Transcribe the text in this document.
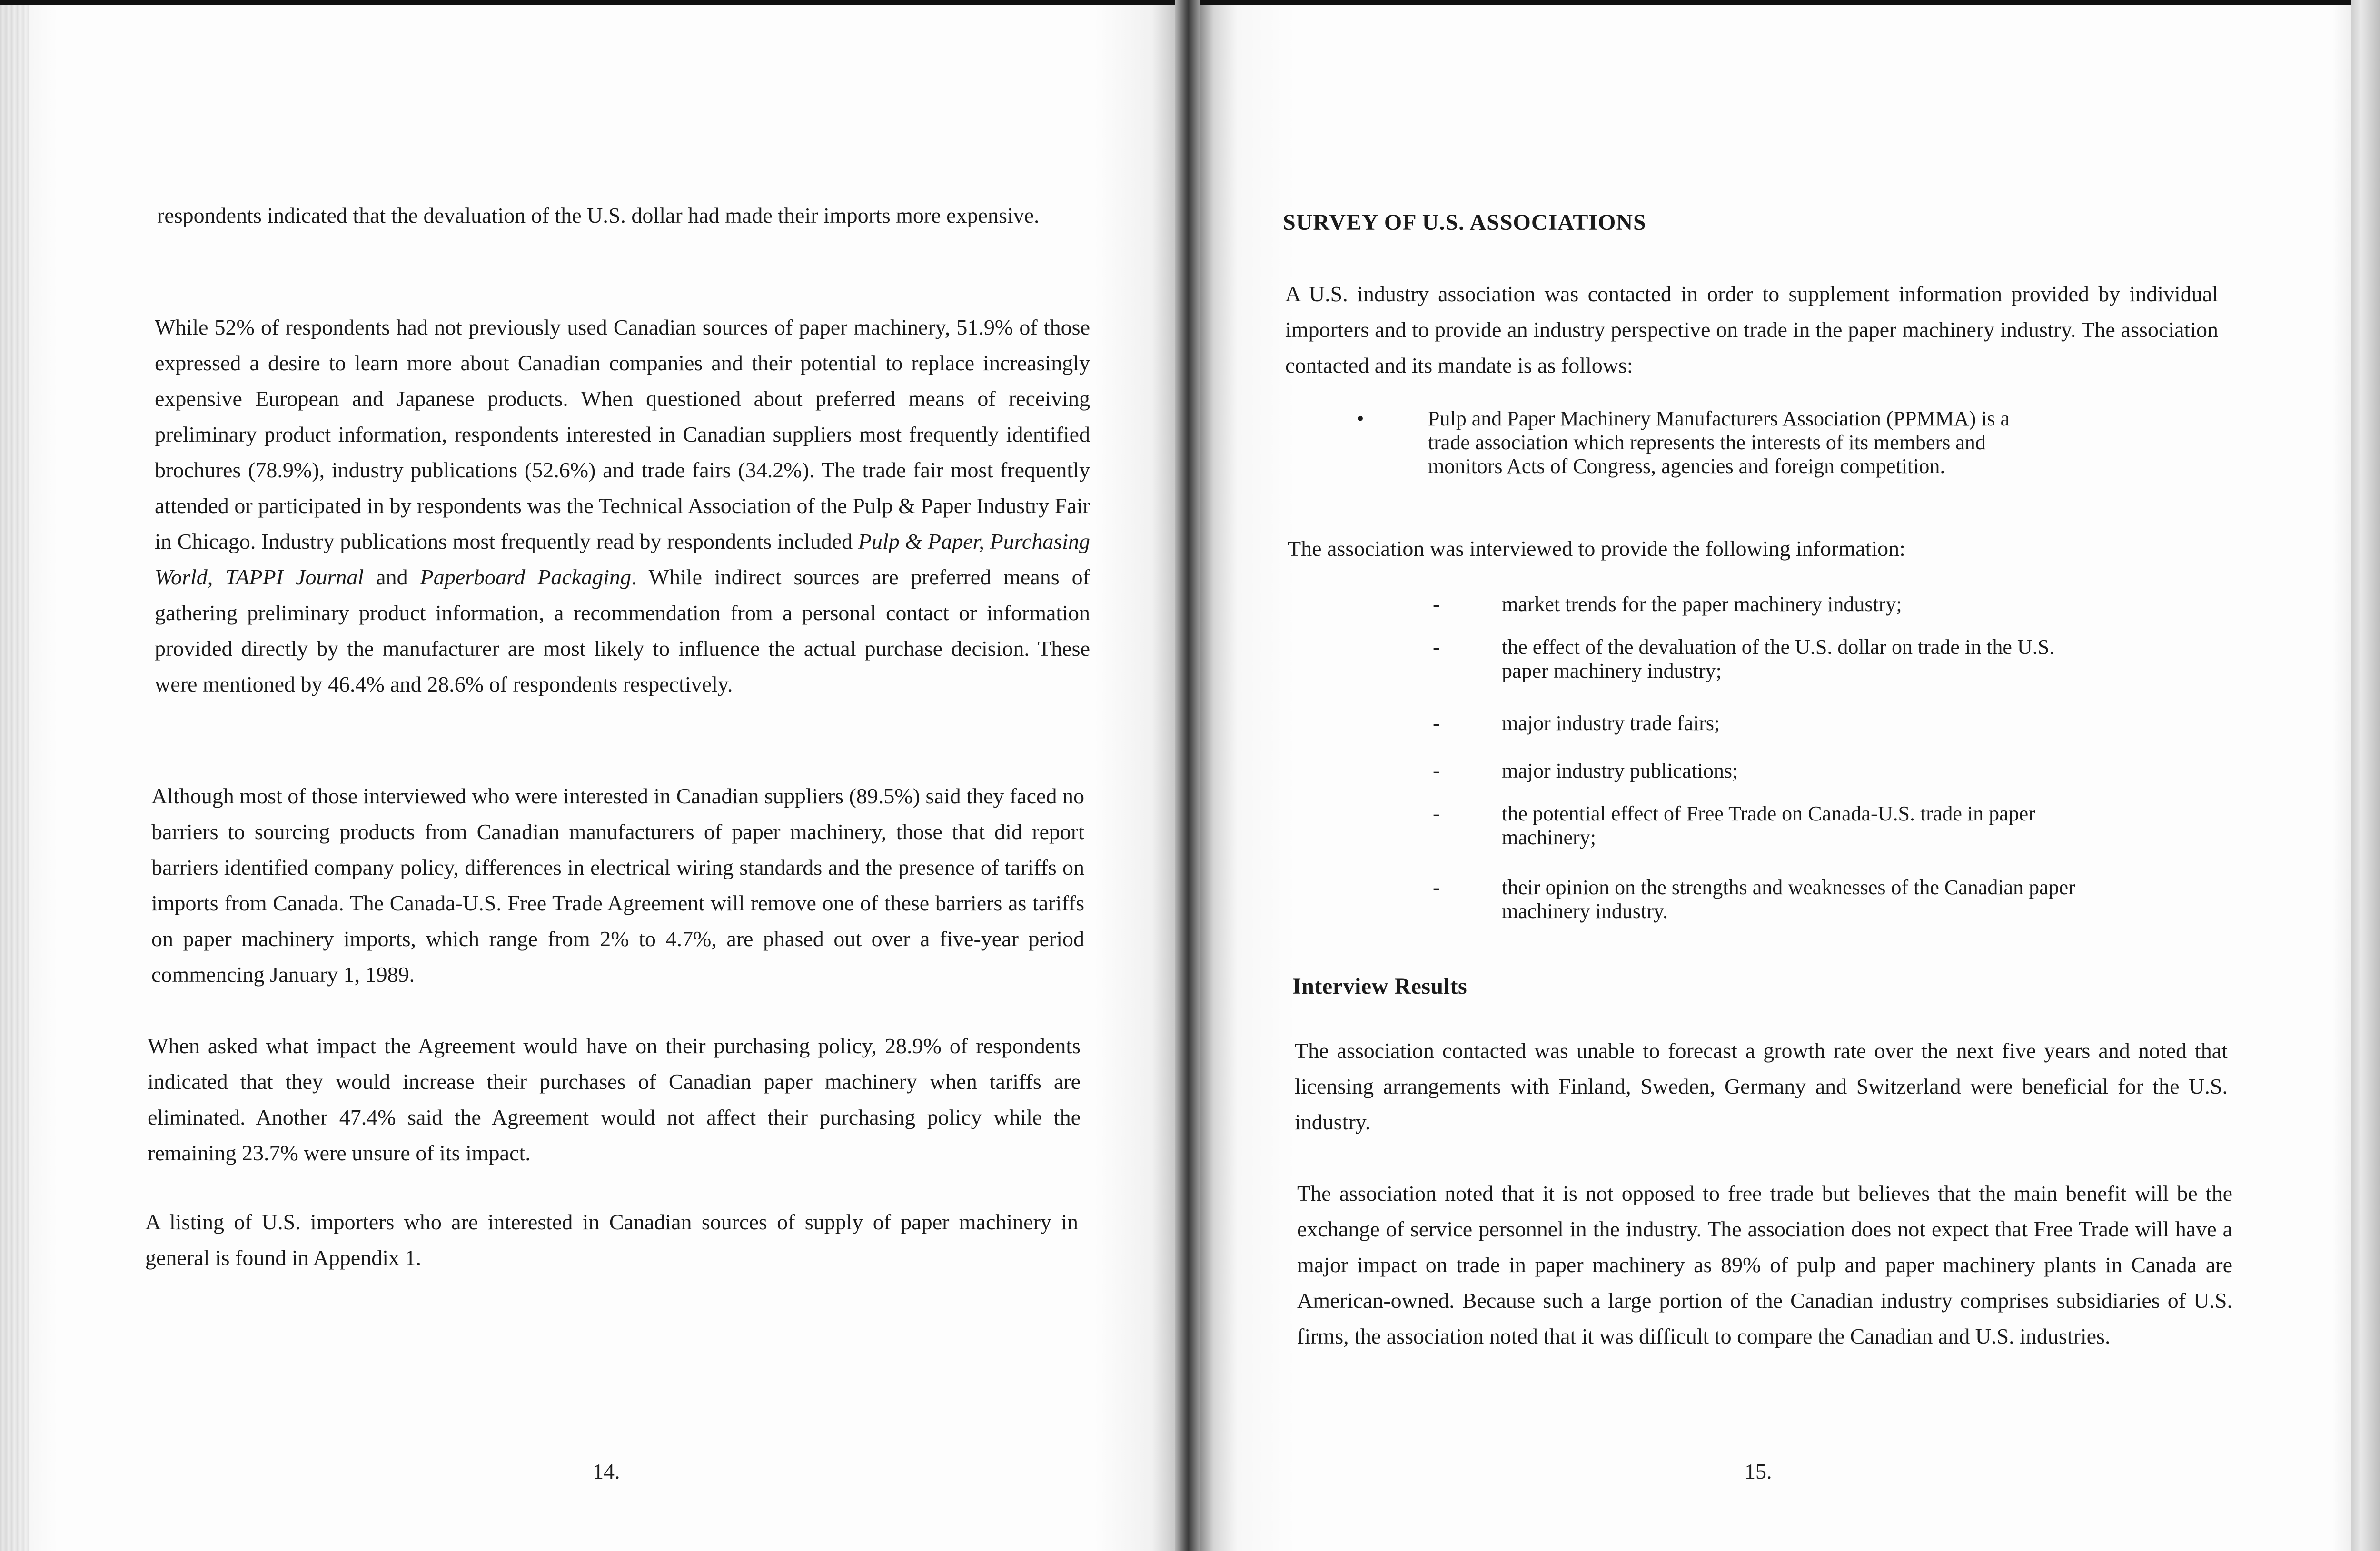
respondents indicated that the devaluation of the U.S. dollar had made their imports more expensive.

While 52% of respondents had not previously used Canadian sources of paper machinery, 51.9% of those expressed a desire to learn more about Canadian companies and their potential to replace increasingly expensive European and Japanese products. When questioned about preferred means of receiving preliminary product information, respondents interested in Canadian suppliers most frequently identified brochures (78.9%), industry publications (52.6%) and trade fairs (34.2%). The trade fair most frequently attended or participated in by respondents was the Technical Association of the Pulp & Paper Industry Fair in Chicago. Industry publications most frequently read by respondents included Pulp & Paper, Purchasing World, TAPPI Journal and Paperboard Packaging. While indirect sources are preferred means of gathering preliminary product information, a recommendation from a personal contact or information provided directly by the manufacturer are most likely to influence the actual purchase decision. These were mentioned by 46.4% and 28.6% of respondents respectively.

Although most of those interviewed who were interested in Canadian suppliers (89.5%) said they faced no barriers to sourcing products from Canadian manufacturers of paper machinery, those that did report barriers identified company policy, differences in electrical wiring standards and the presence of tariffs on imports from Canada. The Canada-U.S. Free Trade Agreement will remove one of these barriers as tariffs on paper machinery imports, which range from 2% to 4.7%, are phased out over a five-year period commencing January 1, 1989.

When asked what impact the Agreement would have on their purchasing policy, 28.9% of respondents indicated that they would increase their purchases of Canadian paper machinery when tariffs are eliminated. Another 47.4% said the Agreement would not affect their purchasing policy while the remaining 23.7% were unsure of its impact.

A listing of U.S. importers who are interested in Canadian sources of supply of paper machinery in general is found in Appendix 1.

14.
SURVEY OF U.S. ASSOCIATIONS

A U.S. industry association was contacted in order to supplement information provided by individual importers and to provide an industry perspective on trade in the paper machinery industry. The association contacted and its mandate is as follows:

•	Pulp and Paper Machinery Manufacturers Association (PPMMA) is a trade association which represents the interests of its members and monitors Acts of Congress, agencies and foreign competition.

The association was interviewed to provide the following information:

-	market trends for the paper machinery industry;
-	the effect of the devaluation of the U.S. dollar on trade in the U.S. paper machinery industry;
-	major industry trade fairs;
-	major industry publications;
-	the potential effect of Free Trade on Canada-U.S. trade in paper machinery;
-	their opinion on the strengths and weaknesses of the Canadian paper machinery industry.
Interview Results

The association contacted was unable to forecast a growth rate over the next five years and noted that licensing arrangements with Finland, Sweden, Germany and Switzerland were beneficial for the U.S. industry.

The association noted that it is not opposed to free trade but believes that the main benefit will be the exchange of service personnel in the industry. The association does not expect that Free Trade will have a major impact on trade in paper machinery as 89% of pulp and paper machinery plants in Canada are American-owned. Because such a large portion of the Canadian industry comprises subsidiaries of U.S. firms, the association noted that it was difficult to compare the Canadian and U.S. industries.

15.
